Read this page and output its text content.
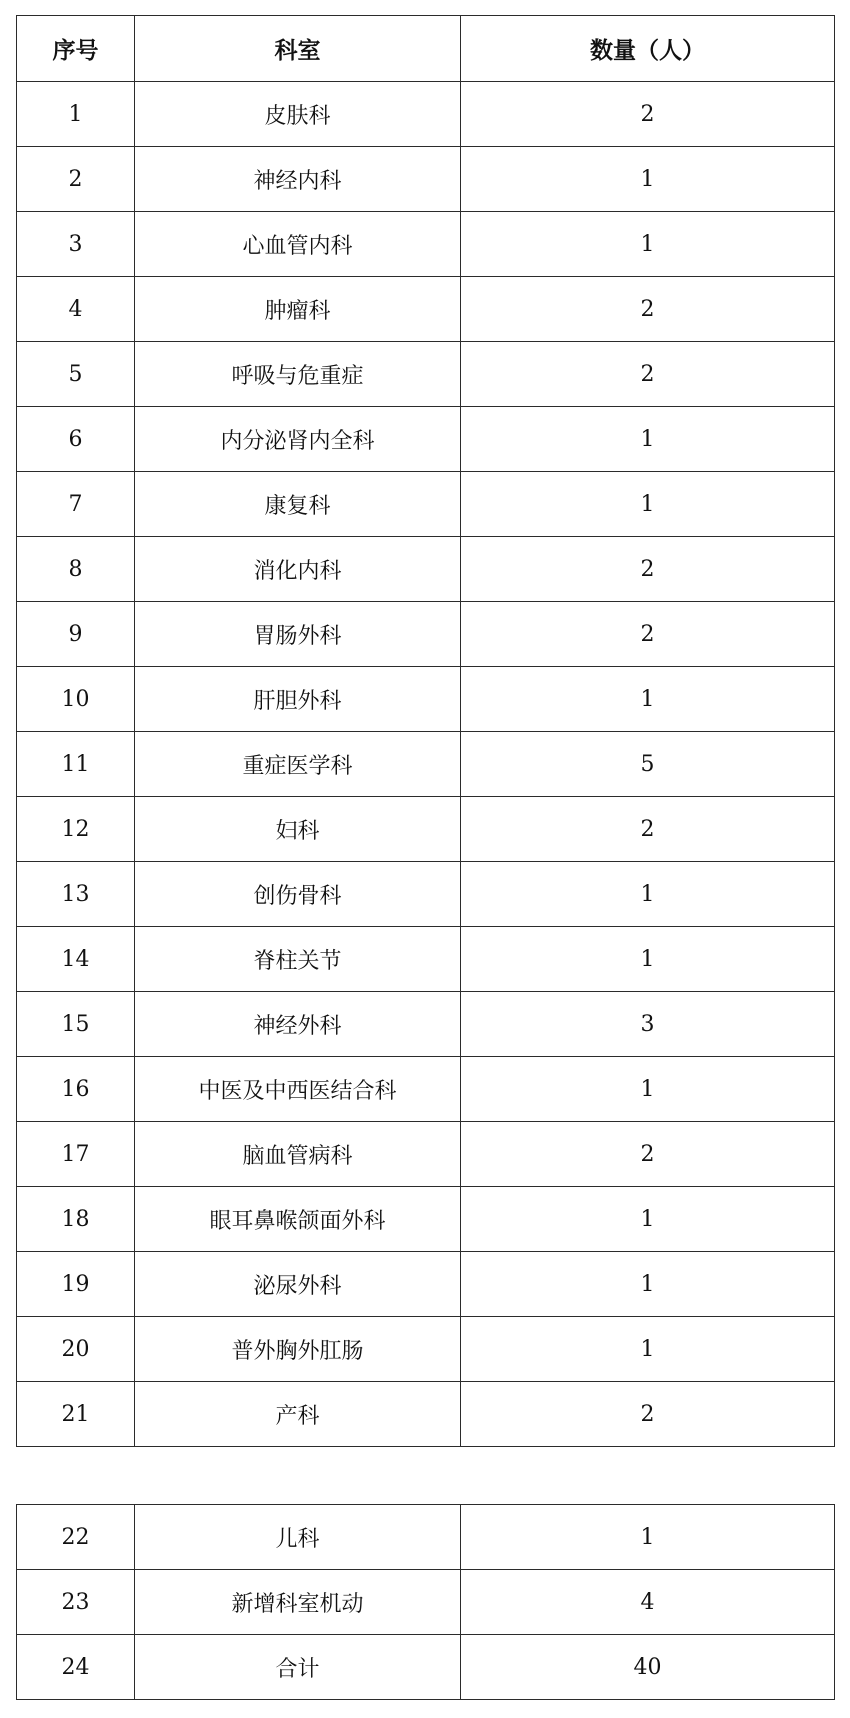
序号	科室	数量（人）
1	皮肤科	2
2	神经内科	1
3	心血管内科	1
4	肿瘤科	2
5	呼吸与危重症	2
6	内分泌肾内全科	1
7	康复科	1
8	消化内科	2
9	胃肠外科	2
10	肝胆外科	1
11	重症医学科	5
12	妇科	2
13	创伤骨科	1
14	脊柱关节	1
15	神经外科	3
16	中医及中西医结合科	1
17	脑血管病科	2
18	眼耳鼻喉颌面外科	1
19	泌尿外科	1
20	普外胸外肛肠	1
21	产科	2
22	儿科	1
23	新增科室机动	4
24	合计	40
